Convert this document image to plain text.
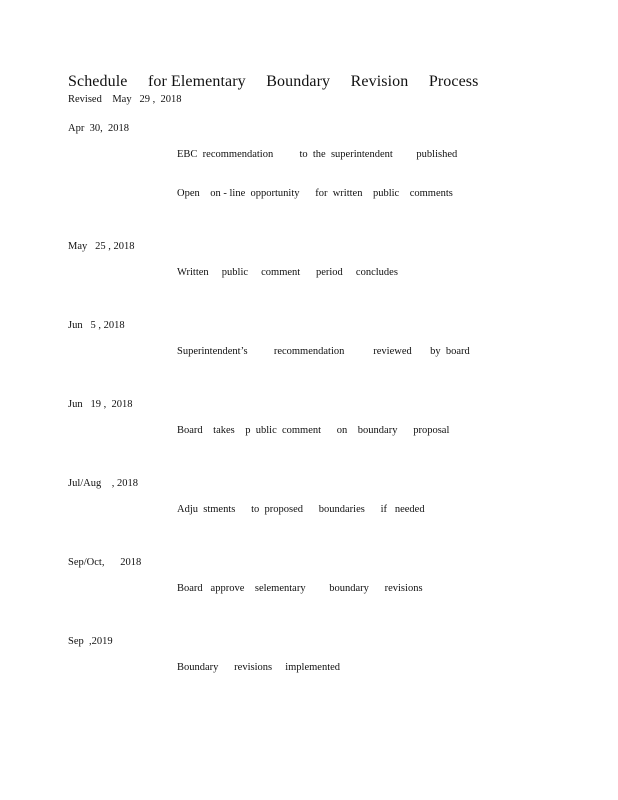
Schedule     for Elementary     Boundary     Revision     Process
Revised    May   29 ,  2018
Apr  30,  2018

EBC  recommendation          to  the  superintendent         published

Open    on - line  opportunity      for  written    public    comments

May   25 , 2018

Written     public     comment      period     concludes

Jun   5 , 2018

Superintendent’s          recommendation           reviewed       by  board

Jun   19 ,  2018

Board    takes    p  ublic  comment      on    boundary      proposal

Jul/Aug    , 2018

Adju  stments      to  proposed      boundaries      if   needed

Sep/Oct,      2018

Board   approve    selementary         boundary      revisions

Sep  ,2019

Boundary      revisions     implemented
